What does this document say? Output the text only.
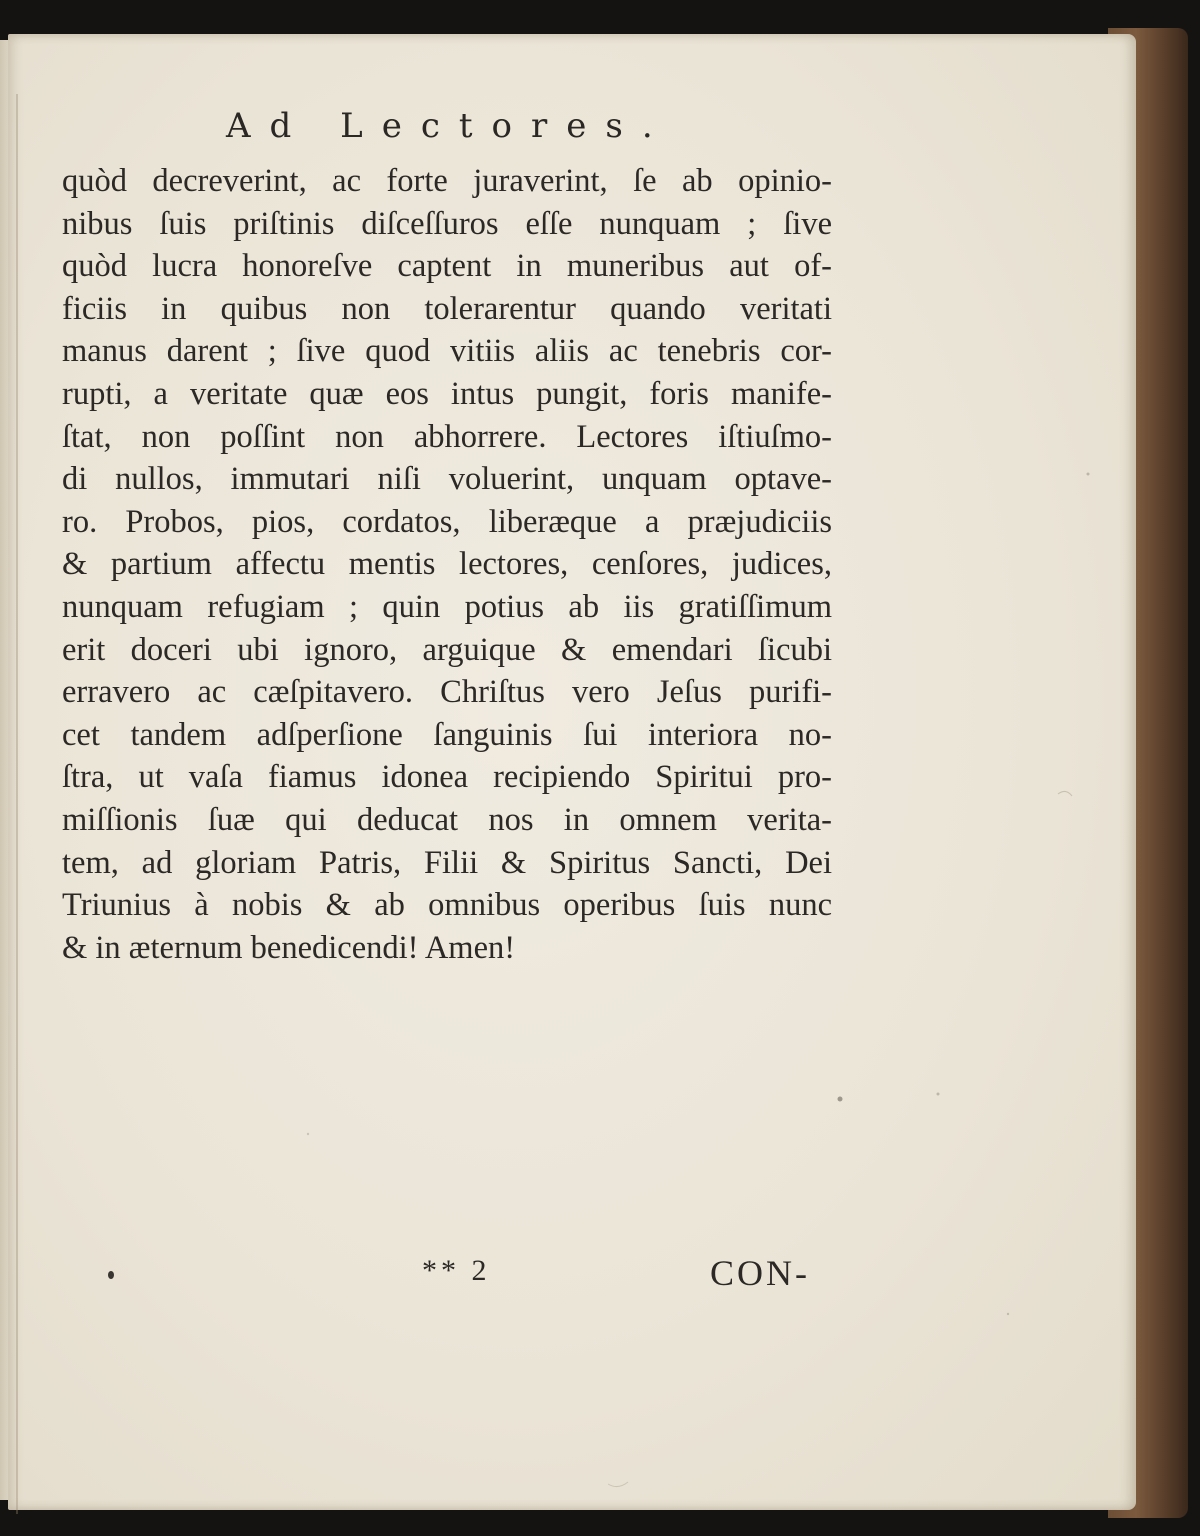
Ad Lectores.
quòd decreverint, ac forte juraverint, ſe ab opinio-
nibus ſuis priſtinis diſceſſuros eſſe nunquam ; ſive
quòd lucra honoreſve captent in muneribus aut of-
ficiis in quibus non tolerarentur quando veritati
manus darent ; ſive quod vitiis aliis ac tenebris cor-
rupti, a veritate quæ eos intus pungit, foris manife-
ſtat, non poſſint non abhorrere. Lectores iſtiuſmo-
di nullos, immutari niſi voluerint, unquam optave-
ro. Probos, pios, cordatos, liberæque a præjudiciis
& partium affectu mentis lectores, cenſores, judices,
nunquam refugiam ; quin potius ab iis gratiſſimum
erit doceri ubi ignoro, arguique & emendari ſicubi
erravero ac cæſpitavero. Chriſtus vero Jeſus purifi-
cet tandem adſperſione ſanguinis ſui interiora no-
ſtra, ut vaſa fiamus idonea recipiendo Spiritui pro-
miſſionis ſuæ qui deducat nos in omnem verita-
tem, ad gloriam Patris, Filii & Spiritus Sancti, Dei
Triunius à nobis & ab omnibus operibus ſuis nunc
& in æternum benedicendi! Amen!
** 2	CON-
